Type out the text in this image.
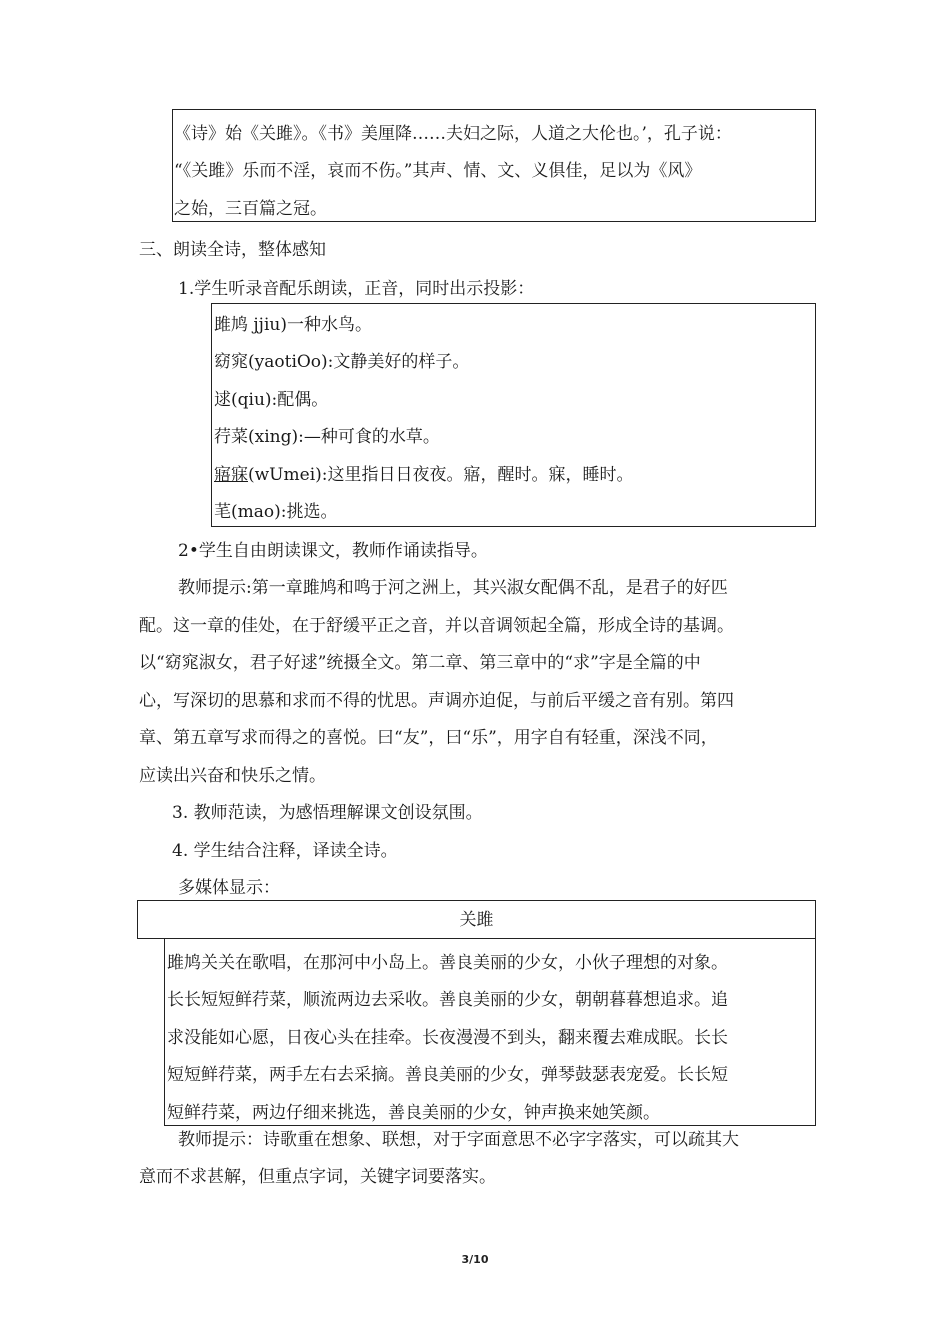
《诗》始《关雎》。《书》美厘降……夫妇之际，人道之大伦也。’，孔子说：
“《关雎》乐而不淫，哀而不伤。”其声、情、文、义俱佳，足以为《风》
之始，三百篇之冠。
三、朗读全诗，整体感知
1.学生听录音配乐朗读，正音，同时出示投影：
雎鸠 jjiu)一种水鸟。
窈窕(yaotiOo):文静美好的样子。
逑(qiu):配偶。
荇菜(xing):—种可食的水草。
寤寐(wUmei):这里指日日夜夜。寤，醒时。寐，睡时。
芼(mao):挑选。
2•学生自由朗读课文，教师作诵读指导。
教师提示:第一章雎鸠和鸣于河之洲上，其兴淑女配偶不乱，是君子的好匹
配。这一章的佳处，在于舒缓平正之音，并以音调领起全篇，形成全诗的基调。
以“窈窕淑女，君子好逑”统摄全文。第二章、第三章中的“求”字是全篇的中
心，写深切的思慕和求而不得的忧思。声调亦迫促，与前后平缓之音有别。第四
章、第五章写求而得之的喜悦。曰“友”，曰“乐”，用字自有轻重，深浅不同，
应读出兴奋和快乐之情。
3. 教师范读，为感悟理解课文创设氛围。
4. 学生结合注释，译读全诗。
多媒体显示：
关雎
雎鸠关关在歌唱，在那河中小岛上。善良美丽的少女，小伙子理想的对象。
长长短短鲜荇菜，顺流两边去采收。善良美丽的少女，朝朝暮暮想追求。追
求没能如心愿，日夜心头在挂牵。长夜漫漫不到头，翻来覆去难成眠。长长
短短鲜荇菜，两手左右去采摘。善良美丽的少女，弹琴鼓瑟表宠爱。长长短
短鲜荇菜，两边仔细来挑选，善良美丽的少女，钟声换来她笑颜。
教师提示：诗歌重在想象、联想，对于字面意思不必字字落实，可以疏其大
意而不求甚解，但重点字词，关键字词要落实。
3/10
